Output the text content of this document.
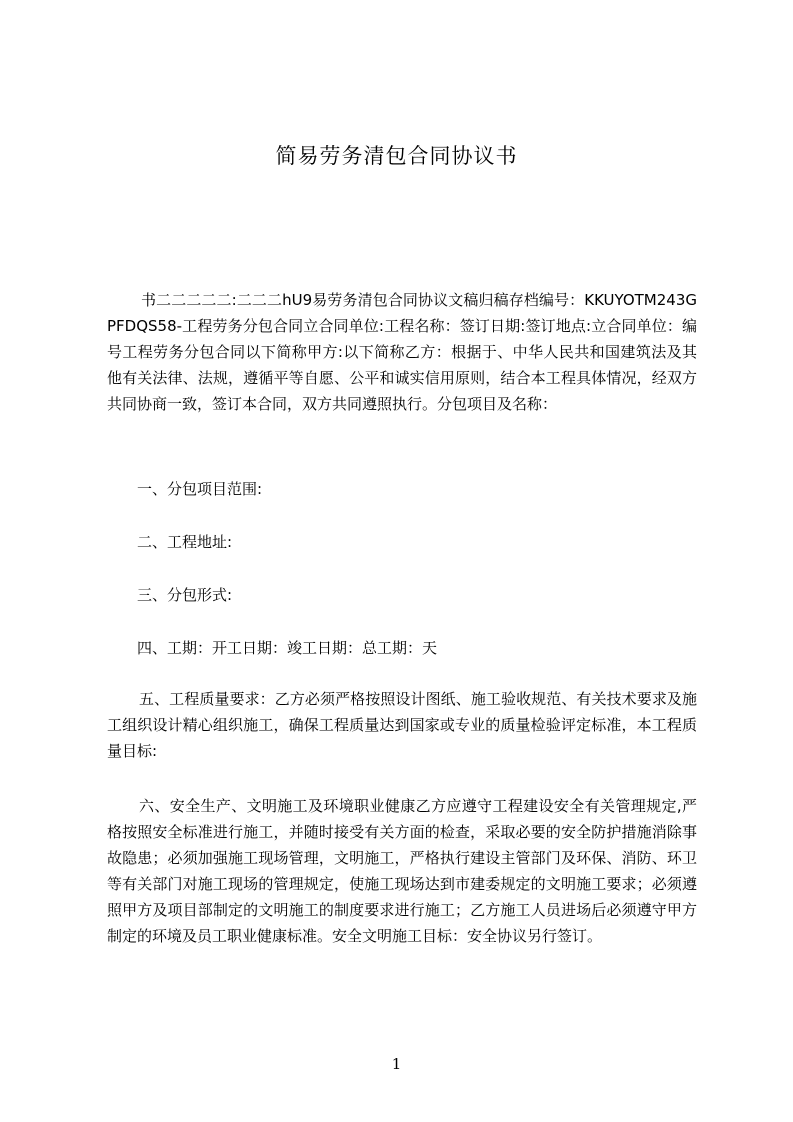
简易劳务清包合同协议书
书二二二二二:二二二hU9易劳务清包合同协议文稿归稿存档编号：KKUYOTM243GPFDQS58-工程劳务分包合同立合同单位:工程名称：签订日期:签订地点:立合同单位：编号工程劳务分包合同以下简称甲方:以下简称乙方：根据于、中华人民共和国建筑法及其他有关法律、法规，遵循平等自愿、公平和诚实信用原则，结合本工程具体情况，经双方共同协商一致，签订本合同，双方共同遵照执行。分包项目及名称：
一、分包项目范围:
二、工程地址:
三、分包形式:
四、工期：开工日期：竣工日期：总工期：天
五、工程质量要求：乙方必须严格按照设计图纸、施工验收规范、有关技术要求及施工组织设计精心组织施工，确保工程质量达到国家或专业的质量检验评定标准，本工程质量目标:
六、安全生产、文明施工及环境职业健康乙方应遵守工程建设安全有关管理规定,严格按照安全标准进行施工，并随时接受有关方面的检查，采取必要的安全防护措施消除事故隐患；必须加强施工现场管理，文明施工，严格执行建设主管部门及环保、消防、环卫等有关部门对施工现场的管理规定，使施工现场达到市建委规定的文明施工要求；必须遵照甲方及项目部制定的文明施工的制度要求进行施工；乙方施工人员进场后必须遵守甲方制定的环境及员工职业健康标准。安全文明施工目标：安全协议另行签订。
1
